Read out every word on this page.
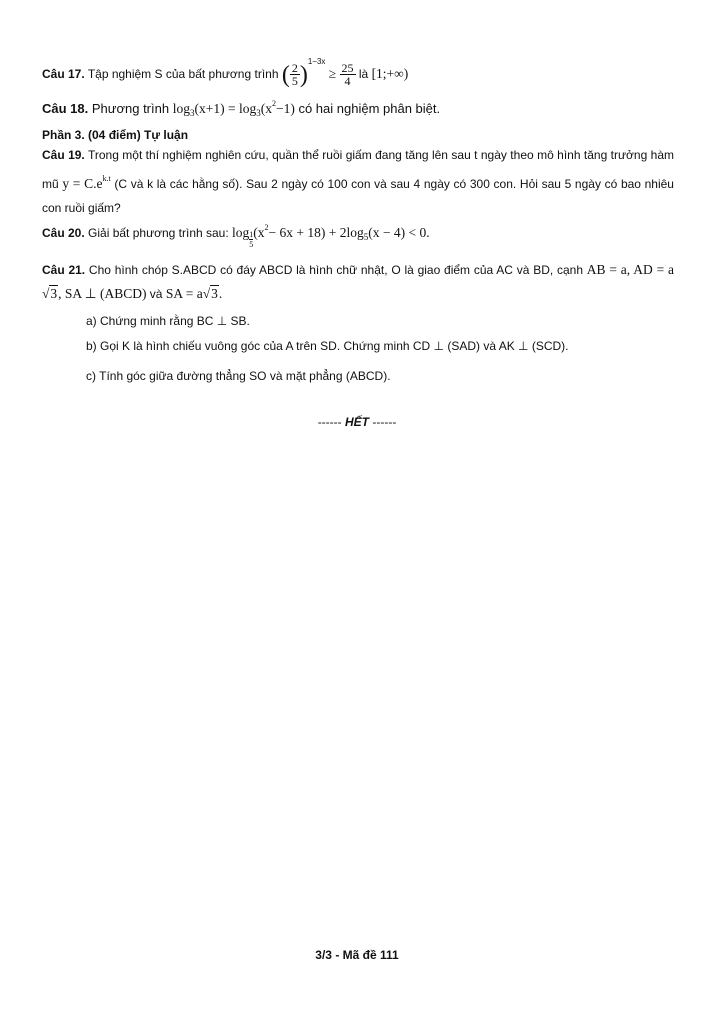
Câu 17. Tập nghiệm S của bất phương trình ( $\frac{2}{5} )^{1-3x} \ge \frac{25}{4}$ là [1;+∞)
Câu 18. Phương trình $\log_3(x+1) = \log_3(x^2-1)$ có hai nghiệm phân biệt.
Phần 3. (04 điểm) Tự luận
Câu 19. Trong một thí nghiệm nghiên cứu, quần thể ruồi giấm đang tăng lên sau t ngày theo mô hình tăng trưởng hàm mũ $y = C.e^{k.t}$ (C và k là các hằng số). Sau 2 ngày có 100 con và sau 4 ngày có 300 con. Hỏi sau 5 ngày có bao nhiêu con ruồi giấm?
Câu 20. Giải bất phương trình sau: $\log \frac{1}{5} (x^2- 6x + 18) + 2\log_5(x - 4) < 0$.
Câu 21. Cho hình chóp S.ABCD có đáy ABCD là hình chữ nhật, O là giao điểm của AC và BD, cạnh AB = a, AD = a√3, SA ⊥ (ABCD) và SA = a√3.
a) Chứng minh rằng BC ⊥ SB.
b) Gọi K là hình chiếu vuông góc của A trên SD. Chứng minh CD ⊥ (SAD) và AK ⊥ (SCD).
c) Tính góc giữa đường thẳng SO và mặt phẳng (ABCD).
------ HẾT ------
3/3 - Mã đề 111
